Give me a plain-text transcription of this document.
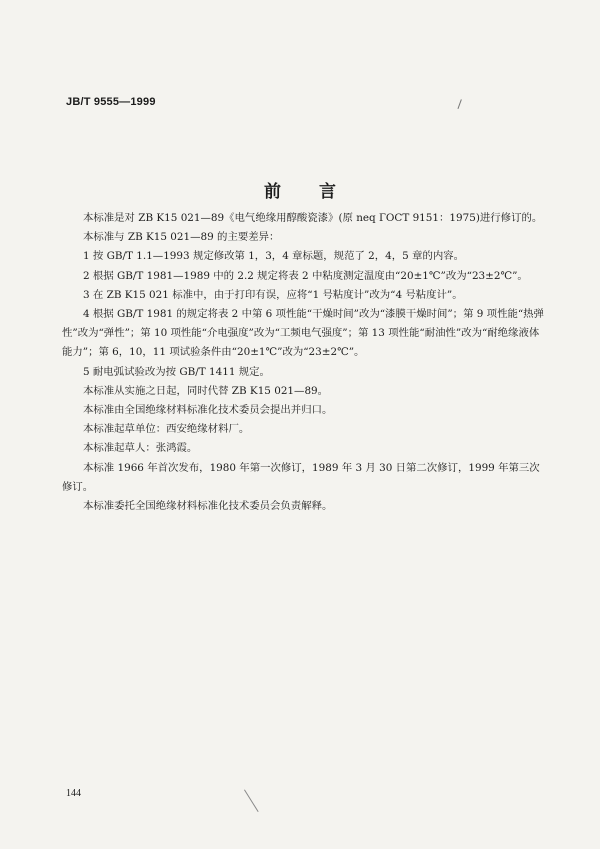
JB/T 9555—1999
前 言

本标准是对 ZB K15 021—89《电气绝缘用醇酸瓷漆》(原 neq ГОСТ 9151：1975)进行修订的。

本标准与 ZB K15 021—89 的主要差异：

1 按 GB/T 1.1—1993 规定修改第 1，3，4 章标题，规范了 2，4，5 章的内容。

2 根据 GB/T 1981—1989 中的 2.2 规定将表 2 中粘度测定温度由“20±1℃”改为“23±2℃”。

3 在 ZB K15 021 标准中，由于打印有误，应将“1 号粘度计”改为“4 号粘度计”。

4 根据 GB/T 1981 的规定将表 2 中第 6 项性能“干燥时间”改为“漆膜干燥时间”；第 9 项性能“热弹性”改为“弹性”；第 10 项性能“介电强度”改为“工频电气强度”；第 13 项性能“耐油性”改为“耐绝缘液体能力”；第 6，10，11 项试验条件由“20±1℃”改为“23±2℃”。

5 耐电弧试验改为按 GB/T 1411 规定。

本标准从实施之日起，同时代替 ZB K15 021—89。

本标准由全国绝缘材料标准化技术委员会提出并归口。

本标准起草单位：西安绝缘材料厂。

本标准起草人：张鸿霞。

本标准 1966 年首次发布，1980 年第一次修订，1989 年 3 月 30 日第二次修订，1999 年第三次修订。

本标准委托全国绝缘材料标准化技术委员会负责解释。

144
